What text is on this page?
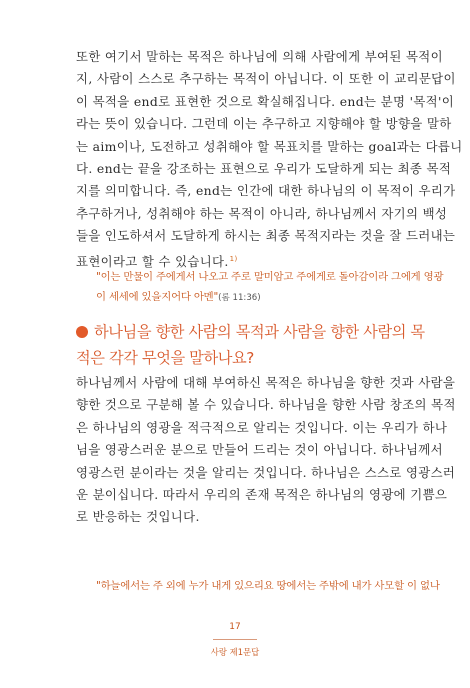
또한 여기서 말하는 목적은 하나님에 의해 사람에게 부여된 목적이
지, 사람이 스스로 추구하는 목적이 아닙니다. 이 또한 이 교리문답이
이 목적을 end로 표현한 것으로 확실해집니다. end는 분명 '목적'이
라는 뜻이 있습니다. 그런데 이는 추구하고 지향해야 할 방향을 말하
는 aim이나, 도전하고 성취해야 할 목표치를 말하는 goal과는 다릅니
다. end는 끝을 강조하는 표현으로 우리가 도달하게 되는 최종 목적
지를 의미합니다. 즉, end는 인간에 대한 하나님의 이 목적이 우리가
추구하거나, 성취해야 하는 목적이 아니라, 하나님께서 자기의 백성
들을 인도하셔서 도달하게 하시는 최종 목적지라는 것을 잘 드러내는
표현이라고 할 수 있습니다.$^{1)}$
"이는 만물이 주에게서 나오고 주로 말미암고 주에게로 돌아감이라 그에게 영광
이 세세에 있을지어다 아멘"(롬 11:36)
하나님을 향한 사람의 목적과 사람을 향한 사람의 목
적은 각각 무엇을 말하나요?
하나님께서 사람에 대해 부여하신 목적은 하나님을 향한 것과 사람을
향한 것으로 구분해 볼 수 있습니다. 하나님을 향한 사람 창조의 목적
은 하나님의 영광을 적극적으로 알리는 것입니다. 이는 우리가 하나
님을 영광스러운 분으로 만들어 드리는 것이 아닙니다. 하나님께서
영광스런 분이라는 것을 알리는 것입니다. 하나님은 스스로 영광스러
운 분이십니다. 따라서 우리의 존재 목적은 하나님의 영광에 기쁨으
로 반응하는 것입니다.
"하늘에서는 주 외에 누가 내게 있으리요 땅에서는 주밖에 내가 사모할 이 없나
17
사랑 제1문답
